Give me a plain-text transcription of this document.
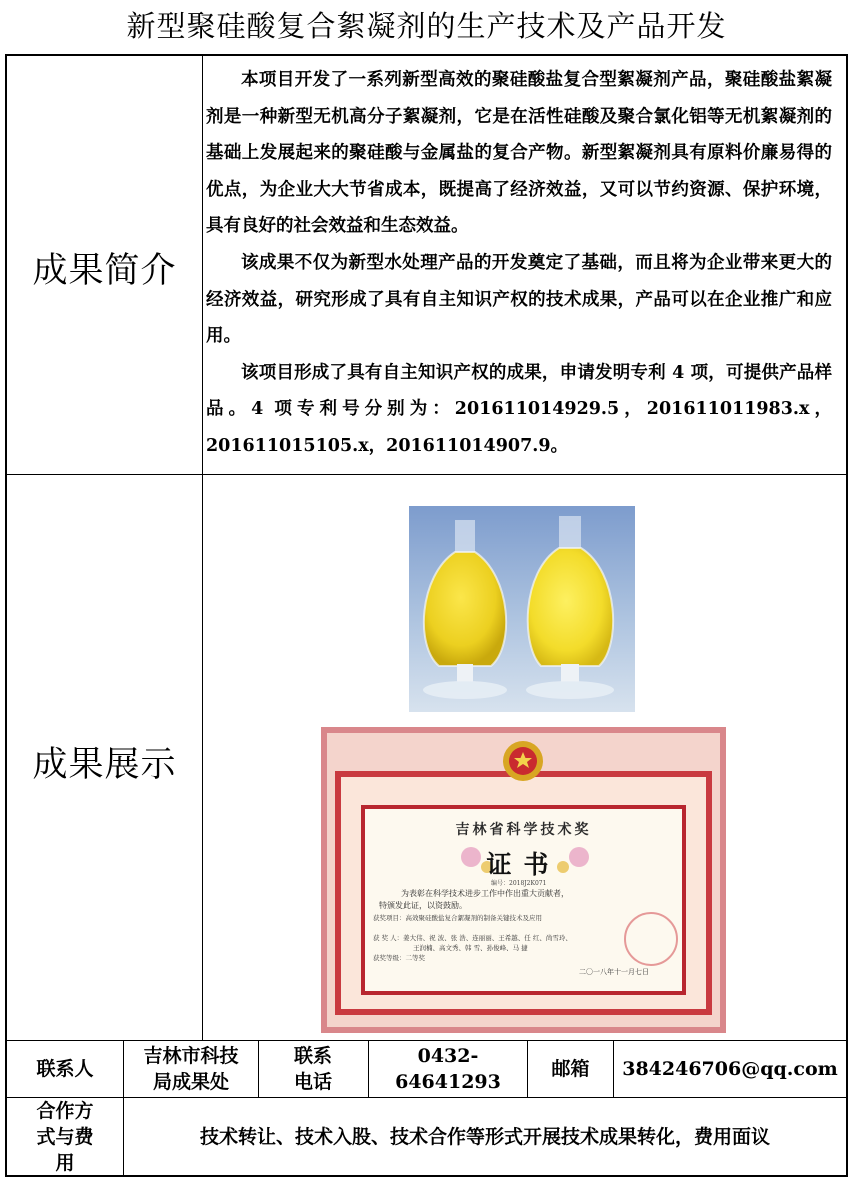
新型聚硅酸复合絮凝剂的生产技术及产品开发
成果简介

本项目开发了一系列新型高效的聚硅酸盐复合型絮凝剂产品，聚硅酸盐絮凝剂是一种新型无机高分子絮凝剂，它是在活性硅酸及聚合氯化铝等无机絮凝剂的基础上发展起来的聚硅酸与金属盐的复合产物。新型絮凝剂具有原料价廉易得的优点，为企业大大节省成本，既提高了经济效益，又可以节约资源、保护环境，具有良好的社会效益和生态效益。

该成果不仅为新型水处理产品的开发奠定了基础，而且将为企业带来更大的经济效益，研究形成了具有自主知识产权的技术成果，产品可以在企业推广和应用。

该项目形成了具有自主知识产权的成果，申请发明专利 4 项，可提供产品样品。4 项专利号分别为：201611014929.5，201611011983.x，201611015105.x，201611014907.9。

成果展示
吉林省科学技术奖
证书
编号：2018J2K071
为表彰在科学技术进步工作中作出重大贡献者，
特颁发此证，以资鼓励。
获奖项目：高效聚硅酸盐复合絮凝剂的制备关键技术及应用
获 奖 人：姜大伟、祝 波、张 浩、连丽丽、王希越、任 红、尚雪玲、
王润楠、高文秀、韩 雪、孙俊峰、马 捷
获奖等级：二等奖
二〇一八年十一月七日
联系人
吉林市科技局成果处
联系电话
0432-64641293
邮箱	384246706@qq.com
合作方式与费用
技术转让、技术入股、技术合作等形式开展技术成果转化，费用面议
